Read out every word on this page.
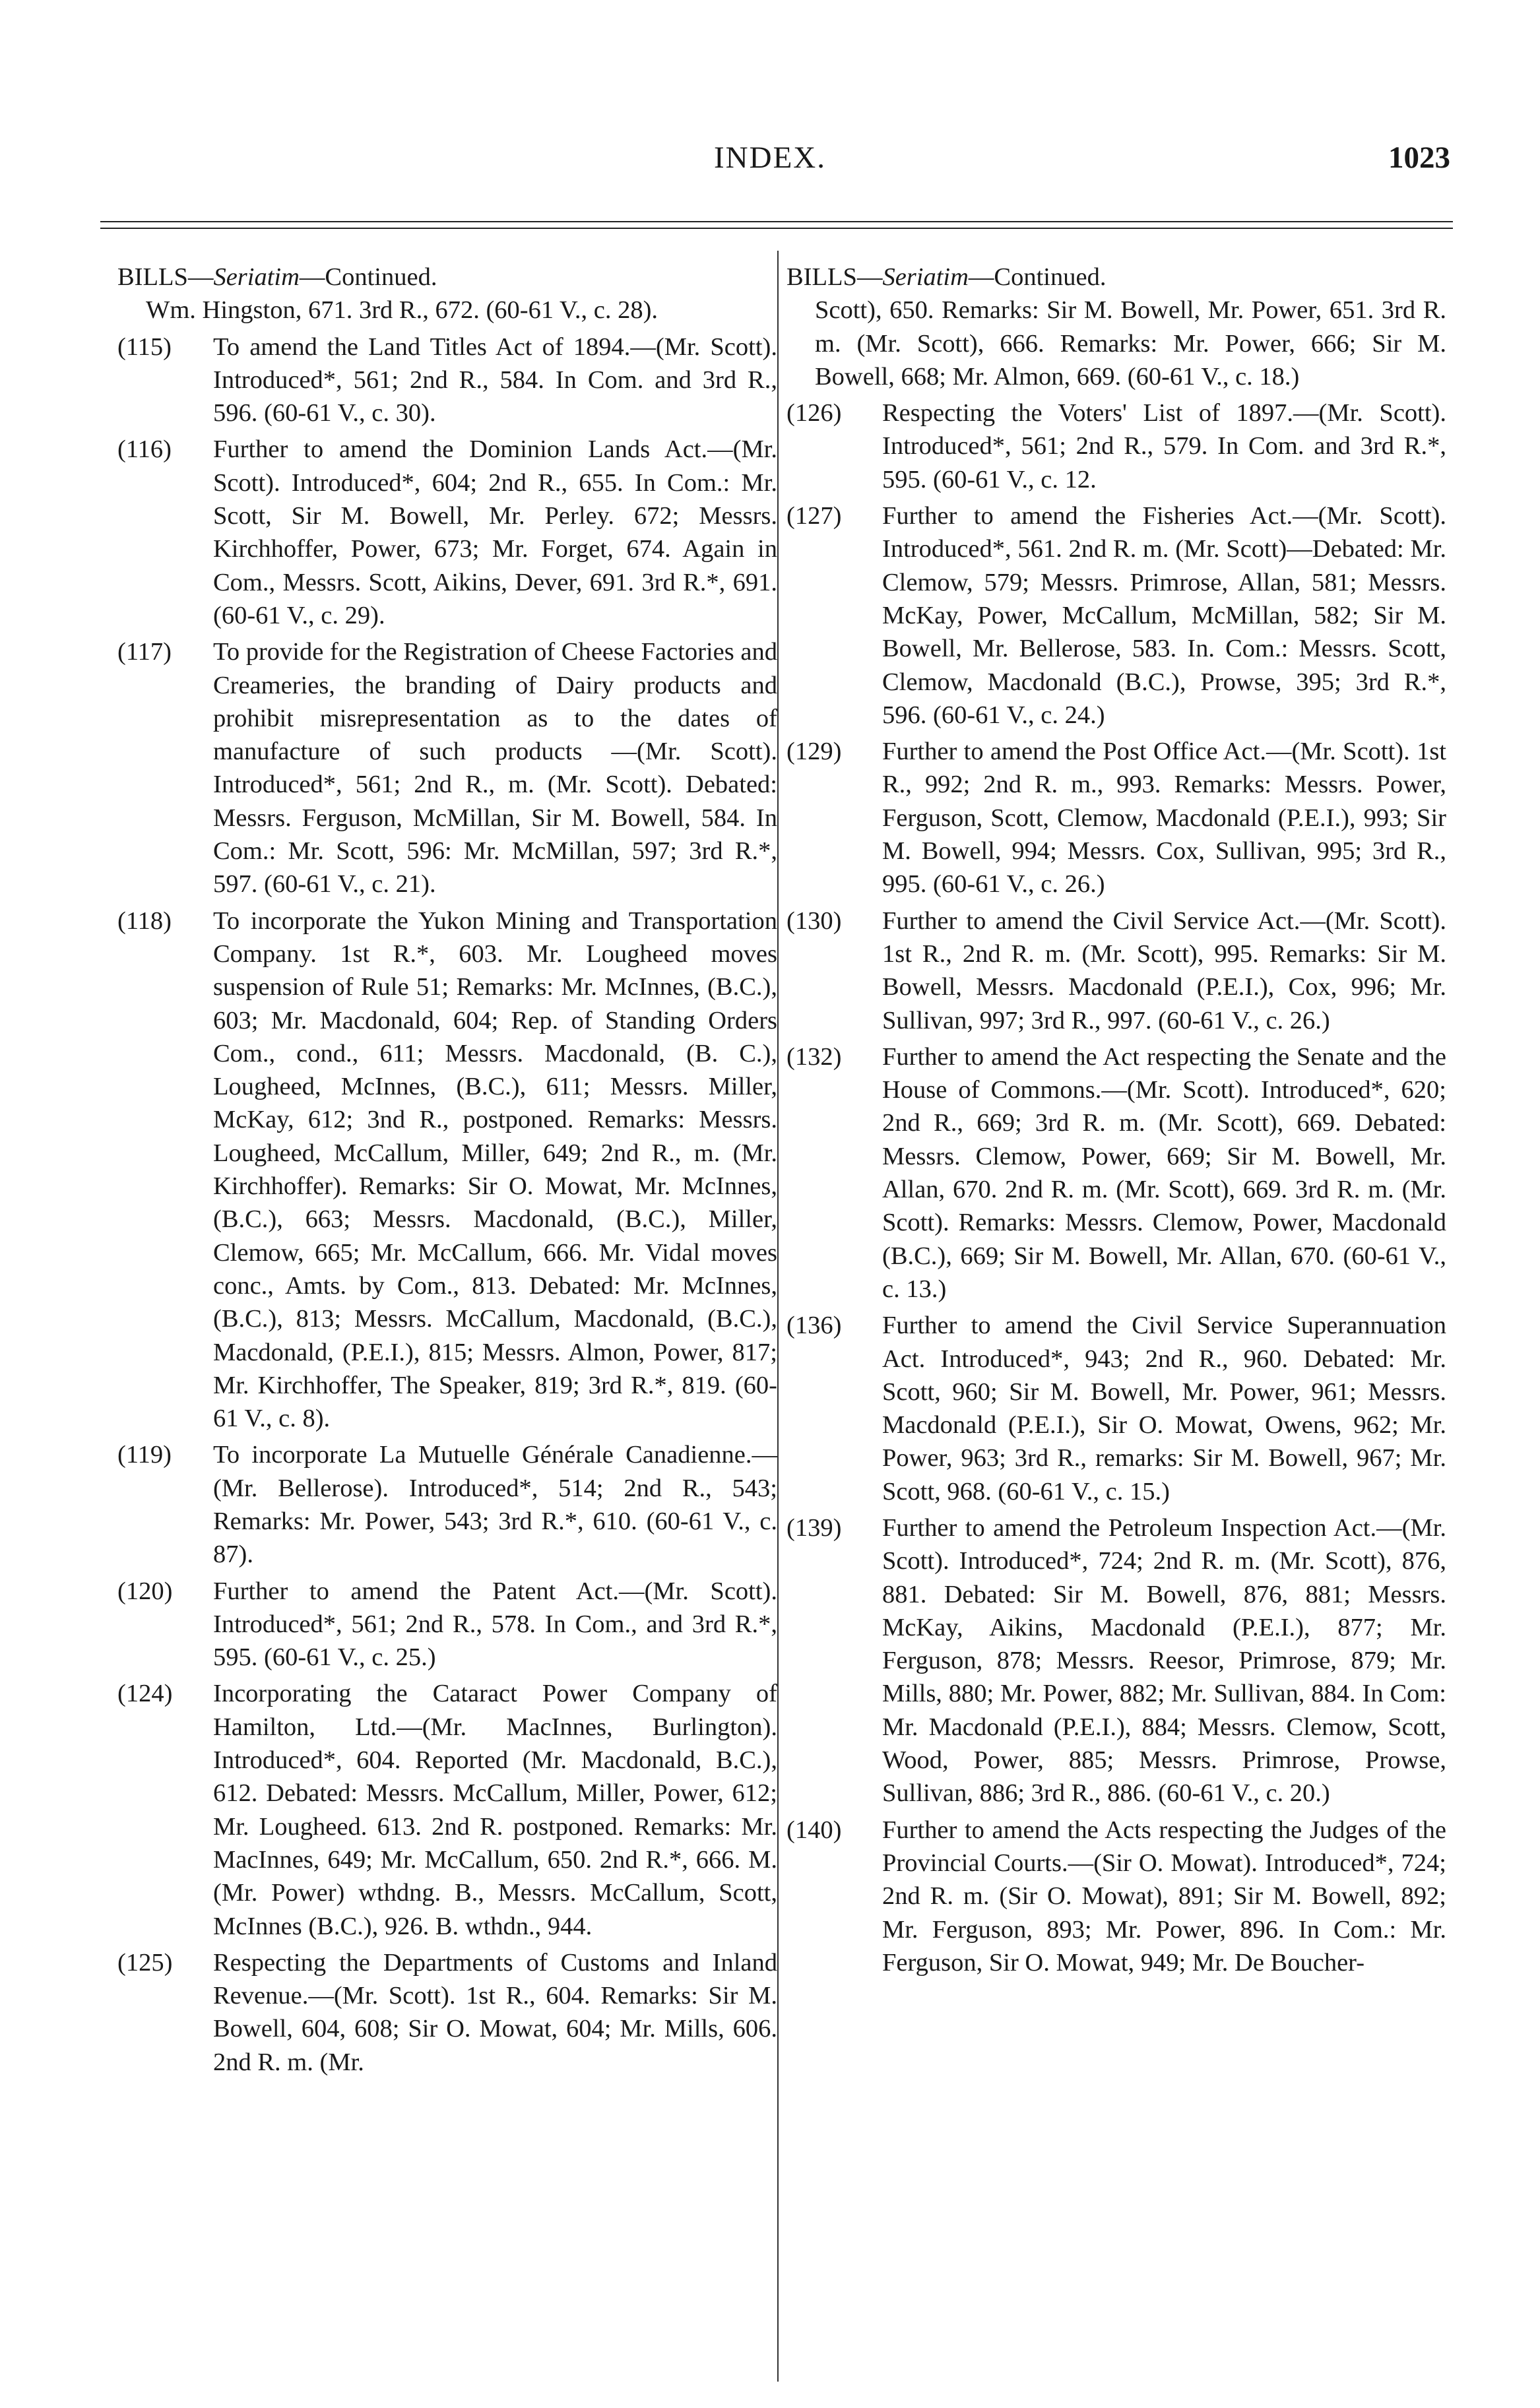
INDEX.	1023
BILLS—Seriatim—Continued.
Wm. Hingston, 671. 3rd R., 672. (60-61 V., c. 28).
(115) To amend the Land Titles Act of 1894.—(Mr. Scott). Introduced*, 561; 2nd R., 584. In Com. and 3rd R., 596. (60-61 V., c. 30).
(116) Further to amend the Dominion Lands Act.—(Mr. Scott). Introduced*, 604; 2nd R., 655. In Com.: Mr. Scott, Sir M. Bowell, Mr. Perley. 672; Messrs. Kirchhoffer, Power, 673; Mr. Forget, 674. Again in Com., Messrs. Scott, Aikins, Dever, 691. 3rd R.*, 691. (60-61 V., c. 29).
(117) To provide for the Registration of Cheese Factories and Creameries, the branding of Dairy products and prohibit misrepresentation as to the dates of manufacture of such products —(Mr. Scott). Introduced*, 561; 2nd R., m. (Mr. Scott). Debated: Messrs. Ferguson, McMillan, Sir M. Bowell, 584. In Com.: Mr. Scott, 596: Mr. McMillan, 597; 3rd R.*, 597. (60-61 V., c. 21).
(118) To incorporate the Yukon Mining and Transportation Company. 1st R.*, 603. Mr. Lougheed moves suspension of Rule 51; Remarks: Mr. McInnes, (B.C.), 603; Mr. Macdonald, 604; Rep. of Standing Orders Com., cond., 611; Messrs. Macdonald, (B. C.), Lougheed, McInnes, (B.C.), 611; Messrs. Miller, McKay, 612; 3nd R., postponed. Remarks: Messrs. Lougheed, McCallum, Miller, 649; 2nd R., m. (Mr. Kirchhoffer). Remarks: Sir O. Mowat, Mr. McInnes, (B.C.), 663; Messrs. Macdonald, (B.C.), Miller, Clemow, 665; Mr. McCallum, 666. Mr. Vidal moves conc., Amts. by Com., 813. Debated: Mr. McInnes, (B.C.), 813; Messrs. McCallum, Macdonald, (B.C.), Macdonald, (P.E.I.), 815; Messrs. Almon, Power, 817; Mr. Kirchhoffer, The Speaker, 819; 3rd R.*, 819. (60-61 V., c. 8).
(119) To incorporate La Mutuelle Générale Canadienne.—(Mr. Bellerose). Introduced*, 514; 2nd R., 543; Remarks: Mr. Power, 543; 3rd R.*, 610. (60-61 V., c. 87).
(120) Further to amend the Patent Act.—(Mr. Scott). Introduced*, 561; 2nd R., 578. In Com., and 3rd R.*, 595. (60-61 V., c. 25.)
(124) Incorporating the Cataract Power Company of Hamilton, Ltd.—(Mr. MacInnes, Burlington). Introduced*, 604. Reported (Mr. Macdonald, B.C.), 612. Debated: Messrs. McCallum, Miller, Power, 612; Mr. Lougheed. 613. 2nd R. postponed. Remarks: Mr. MacInnes, 649; Mr. McCallum, 650. 2nd R.*, 666. M. (Mr. Power) wthdng. B., Messrs. McCallum, Scott, McInnes (B.C.), 926. B. wthdn., 944.
(125) Respecting the Departments of Customs and Inland Revenue.—(Mr. Scott). 1st R., 604. Remarks: Sir M. Bowell, 604, 608; Sir O. Mowat, 604; Mr. Mills, 606. 2nd R. m. (Mr.
BILLS—Seriatim—Continued.
Scott), 650. Remarks: Sir M. Bowell, Mr. Power, 651. 3rd R. m. (Mr. Scott), 666. Remarks: Mr. Power, 666; Sir M. Bowell, 668; Mr. Almon, 669. (60-61 V., c. 18.)
(126) Respecting the Voters' List of 1897.—(Mr. Scott). Introduced*, 561; 2nd R., 579. In Com. and 3rd R.*, 595. (60-61 V., c. 12.
(127) Further to amend the Fisheries Act.—(Mr. Scott). Introduced*, 561. 2nd R. m. (Mr. Scott)—Debated: Mr. Clemow, 579; Messrs. Primrose, Allan, 581; Messrs. McKay, Power, McCallum, McMillan, 582; Sir M. Bowell, Mr. Bellerose, 583. In. Com.: Messrs. Scott, Clemow, Macdonald (B.C.), Prowse, 395; 3rd R.*, 596. (60-61 V., c. 24.)
(129) Further to amend the Post Office Act.—(Mr. Scott). 1st R., 992; 2nd R. m., 993. Remarks: Messrs. Power, Ferguson, Scott, Clemow, Macdonald (P.E.I.), 993; Sir M. Bowell, 994; Messrs. Cox, Sullivan, 995; 3rd R., 995. (60-61 V., c. 26.)
(130) Further to amend the Civil Service Act.—(Mr. Scott). 1st R., 2nd R. m. (Mr. Scott), 995. Remarks: Sir M. Bowell, Messrs. Macdonald (P.E.I.), Cox, 996; Mr. Sullivan, 997; 3rd R., 997. (60-61 V., c. 26.)
(132) Further to amend the Act respecting the Senate and the House of Commons.—(Mr. Scott). Introduced*, 620; 2nd R., 669; 3rd R. m. (Mr. Scott), 669. Debated: Messrs. Clemow, Power, 669; Sir M. Bowell, Mr. Allan, 670. 2nd R. m. (Mr. Scott), 669. 3rd R. m. (Mr. Scott). Remarks: Messrs. Clemow, Power, Macdonald (B.C.), 669; Sir M. Bowell, Mr. Allan, 670. (60-61 V., c. 13.)
(136) Further to amend the Civil Service Superannuation Act. Introduced*, 943; 2nd R., 960. Debated: Mr. Scott, 960; Sir M. Bowell, Mr. Power, 961; Messrs. Macdonald (P.E.I.), Sir O. Mowat, Owens, 962; Mr. Power, 963; 3rd R., remarks: Sir M. Bowell, 967; Mr. Scott, 968. (60-61 V., c. 15.)
(139) Further to amend the Petroleum Inspection Act.—(Mr. Scott). Introduced*, 724; 2nd R. m. (Mr. Scott), 876, 881. Debated: Sir M. Bowell, 876, 881; Messrs. McKay, Aikins, Macdonald (P.E.I.), 877; Mr. Ferguson, 878; Messrs. Reesor, Primrose, 879; Mr. Mills, 880; Mr. Power, 882; Mr. Sullivan, 884. In Com: Mr. Macdonald (P.E.I.), 884; Messrs. Clemow, Scott, Wood, Power, 885; Messrs. Primrose, Prowse, Sullivan, 886; 3rd R., 886. (60-61 V., c. 20.)
(140) Further to amend the Acts respecting the Judges of the Provincial Courts.—(Sir O. Mowat). Introduced*, 724; 2nd R. m. (Sir O. Mowat), 891; Sir M. Bowell, 892; Mr. Ferguson, 893; Mr. Power, 896. In Com.: Mr. Ferguson, Sir O. Mowat, 949; Mr. De Boucher-
